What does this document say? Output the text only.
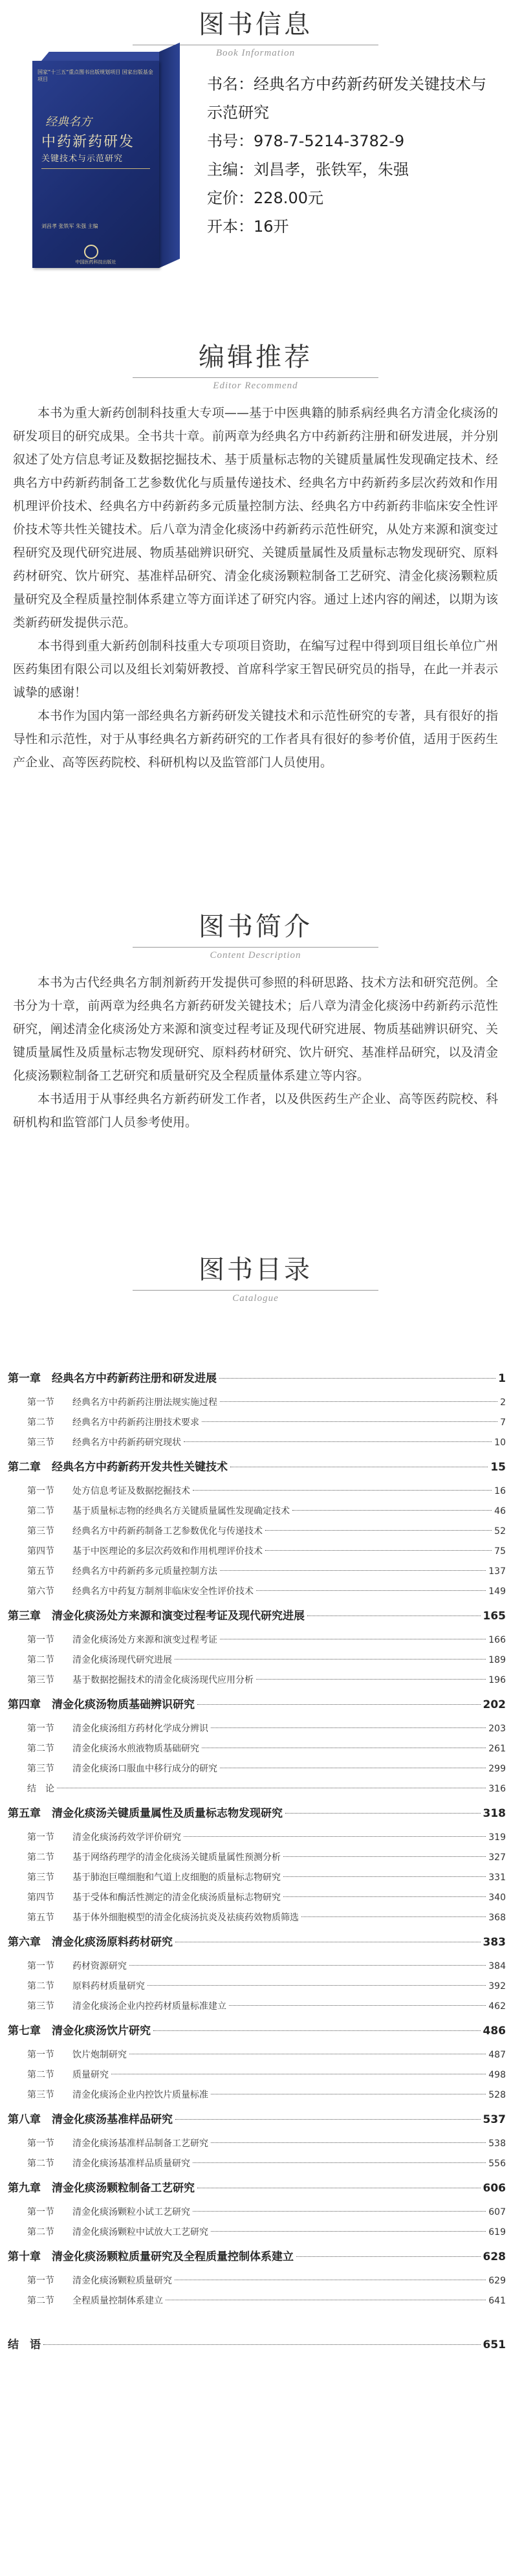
图书信息
Book Information
国家“十三五”重点图书出版规划项目 国家出版基金项目
经典名方
中药新药研发
关键技术与示范研究
刘昌孝 张铁军 朱强 主编
中国医药科技出版社
书名：经典名方中药新药研发关键技术与示范研究
书号：978-7-5214-3782-9
主编：刘昌孝，张铁军，朱强
定价：228.00元
开本：16开
编辑推荐
Editor Recommend

本书为重大新药创制科技重大专项——基于中医典籍的肺系病经典名方清金化痰汤的研发项目的研究成果。全书共十章。前两章为经典名方中药新药注册和研发进展，并分别叙述了处方信息考证及数据挖掘技术、基于质量标志物的关键质量属性发现确定技术、经典名方中药新药制备工艺参数优化与质量传递技术、经典名方中药新药多层次药效和作用机理评价技术、经典名方中药新药多元质量控制方法、经典名方中药新药非临床安全性评价技术等共性关键技术。后八章为清金化痰汤中药新药示范性研究，从处方来源和演变过程研究及现代研究进展、物质基础辨识研究、关键质量属性及质量标志物发现研究、原料药材研究、饮片研究、基准样品研究、清金化痰汤颗粒制备工艺研究、清金化痰汤颗粒质量研究及全程质量控制体系建立等方面详述了研究内容。通过上述内容的阐述，以期为该类新药研发提供示范。

本书得到重大新药创制科技重大专项项目资助，在编写过程中得到项目组长单位广州医药集团有限公司以及组长刘菊妍教授、首席科学家王智民研究员的指导，在此一并表示诚挚的感谢！

本书作为国内第一部经典名方新药研发关键技术和示范性研究的专著，具有很好的指导性和示范性，对于从事经典名方新药研究的工作者具有很好的参考价值，适用于医药生产企业、高等医药院校、科研机构以及监管部门人员使用。

图书简介
Content Description

本书为古代经典名方制剂新药开发提供可参照的科研思路、技术方法和研究范例。全书分为十章，前两章为经典名方新药研发关键技术；后八章为清金化痰汤中药新药示范性研究，阐述清金化痰汤处方来源和演变过程考证及现代研究进展、物质基础辨识研究、关键质量属性及质量标志物发现研究、原料药材研究、饮片研究、基准样品研究，以及清金化痰汤颗粒制备工艺研究和质量研究及全程质量体系建立等内容。

本书适用于从事经典名方新药研发工作者，以及供医药生产企业、高等医药院校、科研机构和监管部门人员参考使用。

图书目录
Catalogue
第一章　经典名方中药新药注册和研发进展	1
第一节　　经典名方中药新药注册法规实施过程	2
第二节　　经典名方中药新药注册技术要求	7
第三节　　经典名方中药新药研究现状	10
第二章　经典名方中药新药开发共性关键技术	15
第一节　　处方信息考证及数据挖掘技术	16
第二节　　基于质量标志物的经典名方关键质量属性发现确定技术	46
第三节　　经典名方中药新药制备工艺参数优化与传递技术	52
第四节　　基于中医理论的多层次药效和作用机理评价技术	75
第五节　　经典名方中药新药多元质量控制方法	137
第六节　　经典名方中药复方制剂非临床安全性评价技术	149
第三章　清金化痰汤处方来源和演变过程考证及现代研究进展	165
第一节　　清金化痰汤处方来源和演变过程考证	166
第二节　　清金化痰汤现代研究进展	189
第三节　　基于数据挖掘技术的清金化痰汤现代应用分析	196
第四章　清金化痰汤物质基础辨识研究	202
第一节　　清金化痰汤组方药材化学成分辨识	203
第二节　　清金化痰汤水煎液物质基础研究	261
第三节　　清金化痰汤口服血中移行成分的研究	299
结　论	316
第五章　清金化痰汤关键质量属性及质量标志物发现研究	318
第一节　　清金化痰汤药效学评价研究	319
第二节　　基于网络药理学的清金化痰汤关键质量属性预测分析	327
第三节　　基于肺泡巨噬细胞和气道上皮细胞的质量标志物研究	331
第四节　　基于受体和酶活性测定的清金化痰汤质量标志物研究	340
第五节　　基于体外细胞模型的清金化痰汤抗炎及祛痰药效物质筛选	368
第六章　清金化痰汤原料药材研究	383
第一节　　药材资源研究	384
第二节　　原料药材质量研究	392
第三节　　清金化痰汤企业内控药材质量标准建立	462
第七章　清金化痰汤饮片研究	486
第一节　　饮片炮制研究	487
第二节　　质量研究	498
第三节　　清金化痰汤企业内控饮片质量标准	528
第八章　清金化痰汤基准样品研究	537
第一节　　清金化痰汤基准样品制备工艺研究	538
第二节　　清金化痰汤基准样品质量研究	556
第九章　清金化痰汤颗粒制备工艺研究	606
第一节　　清金化痰汤颗粒小试工艺研究	607
第二节　　清金化痰汤颗粒中试放大工艺研究	619
第十章　清金化痰汤颗粒质量研究及全程质量控制体系建立	628
第一节　　清金化痰汤颗粒质量研究	629
第二节　　全程质量控制体系建立	641
结　语	651
